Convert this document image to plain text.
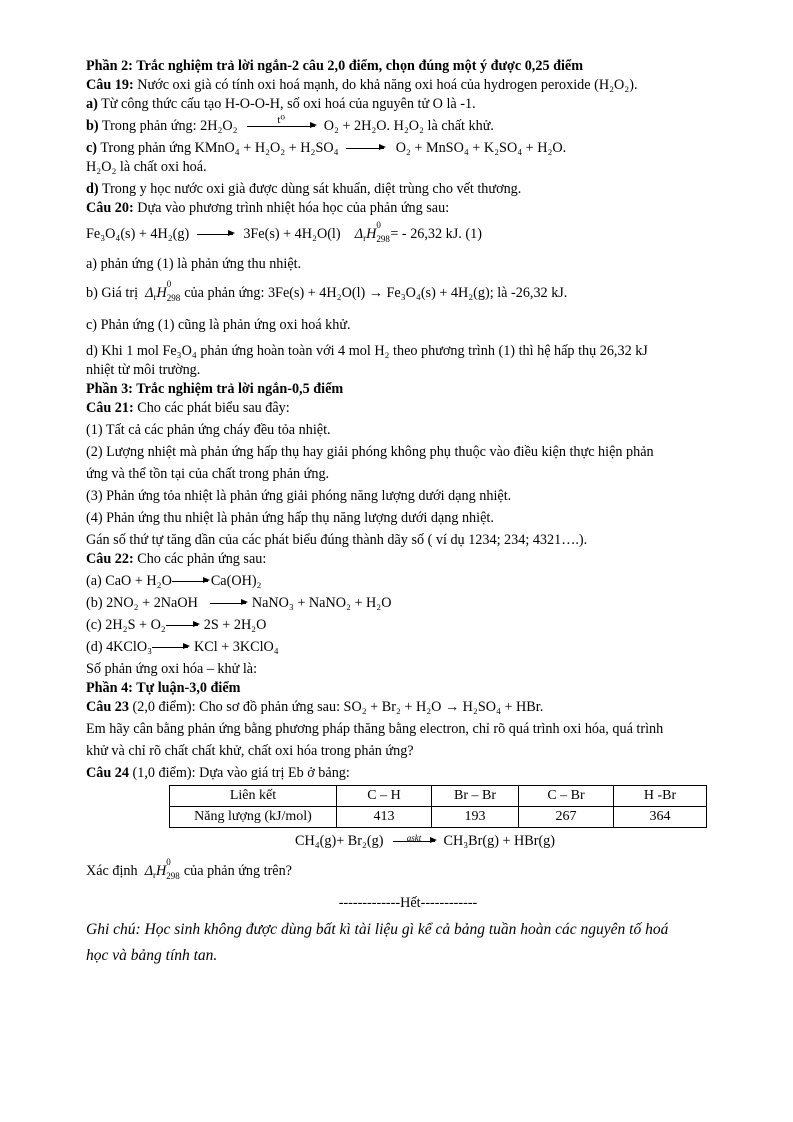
Phần 2: Trắc nghiệm trả lời ngắn-2 câu 2,0 điểm, chọn đúng một ý được 0,25 điểm

Câu 19: Nước oxi già có tính oxi hoá mạnh, do khả năng oxi hoá của hydrogen peroxide (H₂O₂).

a) Từ công thức cấu tạo H-O-O-H, số oxi hoá của nguyên tử O là -1.

b) Trong phản ứng: 2H₂O₂	t⁰	O₂ + 2H₂O. H₂O₂ là chất khử.

c) Trong phản ứng KMnO₄ + H₂O₂ + H₂SO₄	O₂ + MnSO₄ + K₂SO₄ + H₂O.

H₂O₂ là chất oxi hoá.

d) Trong y học nước oxi già được dùng sát khuẩn, diệt trùng cho vết thương.

Câu 20: Dựa vào phương trình nhiệt hóa học của phản ứng sau:

Fe₃O₄(s) + 4H₂(g)	3Fe(s) + 4H₂O(l) $\Delta_rH$
0
298 = - 26,32 kJ. (1)

a) phản ứng (1) là phản ứng thu nhiệt.

b) Giá trị $\Delta_rH$
0
298 của phản ứng: 3Fe(s) + 4H₂O(l) → Fe₃O₄(s) + 4H₂(g); là -26,32 kJ.

c) Phản ứng (1) cũng là phản ứng oxi hoá khử.

d) Khi 1 mol Fe₃O₄ phản ứng hoàn toàn với 4 mol H₂ theo phương trình (1) thì hệ hấp thụ 26,32 kJ

nhiệt từ môi trường.

Phần 3: Trắc nghiệm trả lời ngắn-0,5 điểm

Câu 21: Cho các phát biểu sau đây:

(1) Tất cả các phản ứng cháy đều tỏa nhiệt.

(2) Lượng nhiệt mà phản ứng hấp thụ hay giải phóng không phụ thuộc vào điều kiện thực hiện phản

ứng và thể tồn tại của chất trong phản ứng.

(3) Phản ứng tỏa nhiệt là phản ứng giải phóng năng lượng dưới dạng nhiệt.

(4) Phản ứng thu nhiệt là phản ứng hấp thụ năng lượng dưới dạng nhiệt.

Gán số thứ tự tăng dần của các phát biểu đúng thành dãy số ( ví dụ 1234; 234; 4321….).

Câu 22: Cho các phản ứng sau:

(a) CaO + H₂O	Ca(OH)₂

(b) 2NO₂ + 2NaOH	NaNO₃ + NaNO₂ + H₂O

(c) 2H₂S + O₂	2S + 2H₂O

(d) 4KClO₃	KCl + 3KClO₄

Số phản ứng oxi hóa – khử là:

Phần 4: Tự luận-3,0 điểm

Câu 23 (2,0 điểm): Cho sơ đồ phản ứng sau: SO₂ + Br₂ + H₂O → H₂SO₄ + HBr.

Em hãy cân bằng phản ứng bằng phương pháp thăng bằng electron, chỉ rõ quá trình oxi hóa, quá trình

khử và chỉ rõ chất chất khử, chất oxi hóa trong phản ứng?

Câu 24 (1,0 điểm): Dựa vào giá trị Eb ở bảng:

Liên kết	C – H	Br – Br	C – Br	H -Br
Năng lượng (kJ/mol)	413	193	267	364

CH₄(g)+ Br₂(g)	askt	CH₃Br(g) + HBr(g)

Xác định $\Delta_rH$
0
298 của phản ứng trên?

-------------Hết------------

Ghi chú: Học sinh không được dùng bất kì tài liệu gì kể cả bảng tuần hoàn các nguyên tố hoá

học và bảng tính tan.
